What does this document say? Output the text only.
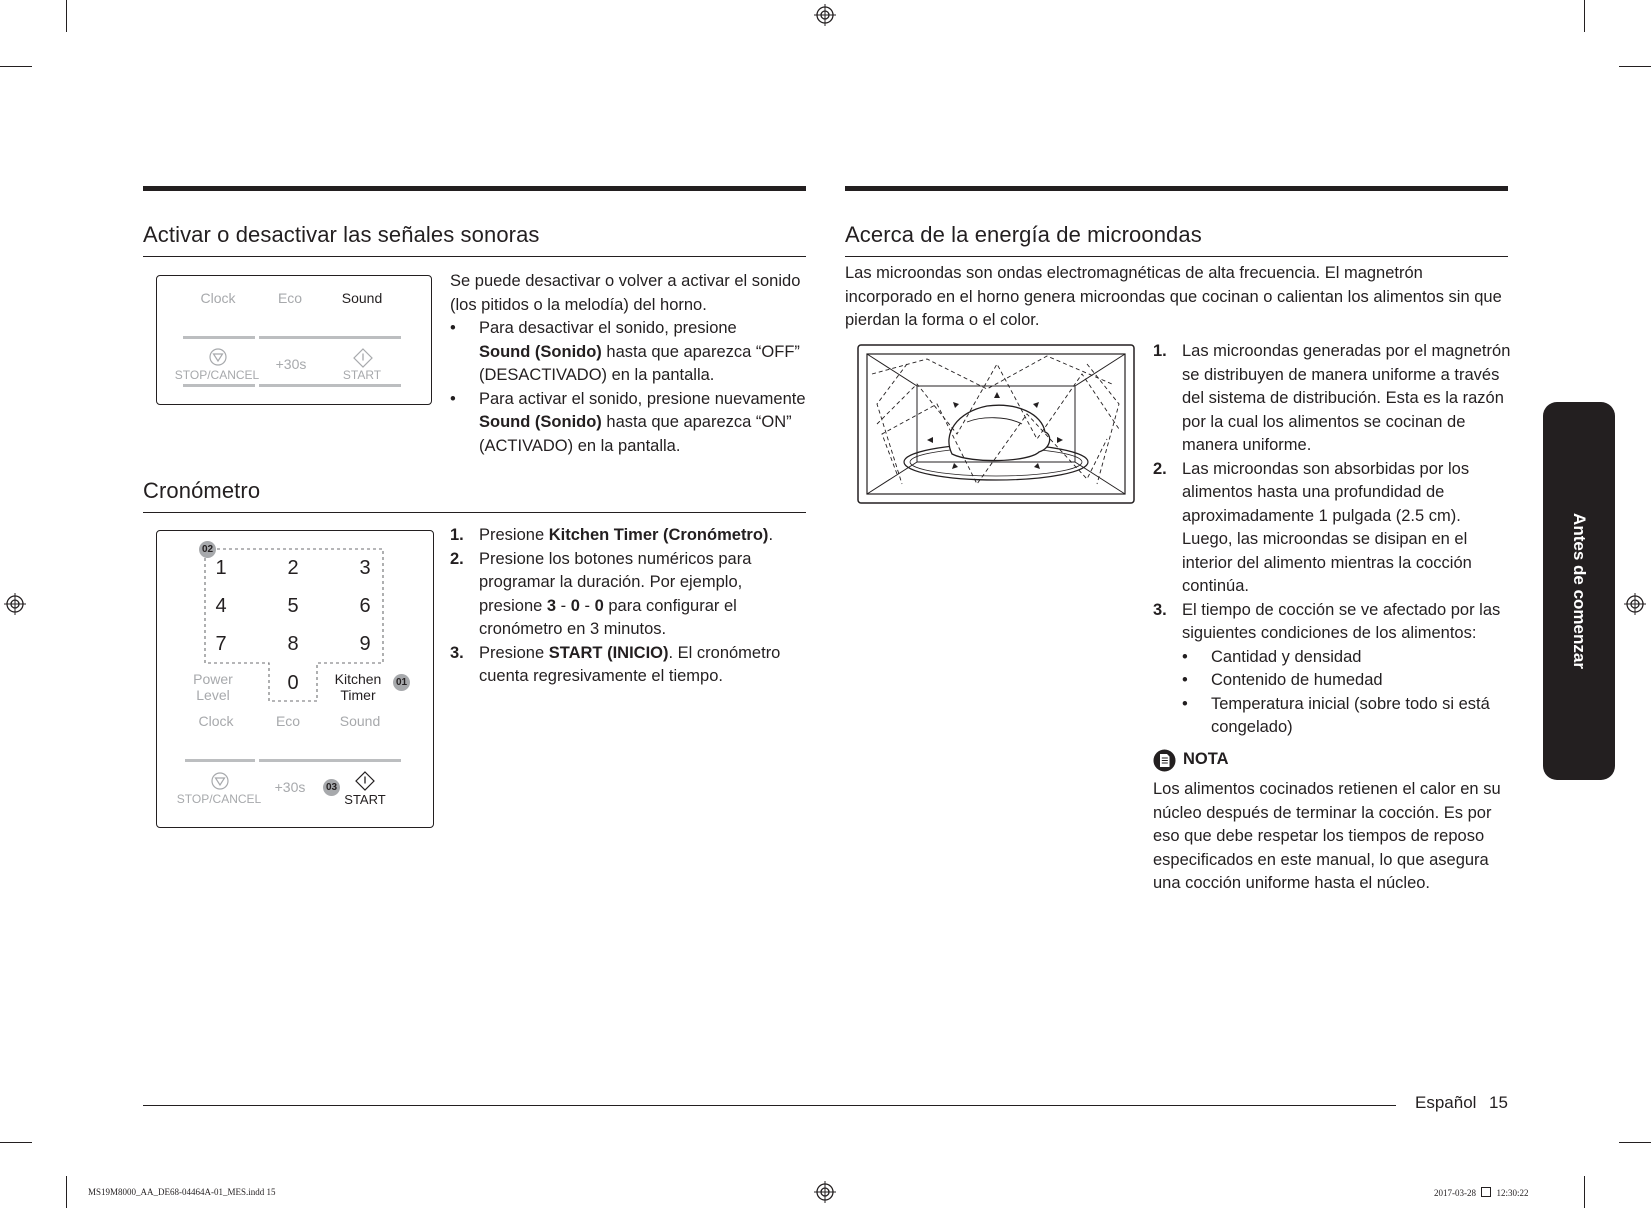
Activar o desactivar las señales sonoras
Clock	Eco	Sound
STOP/CANCEL
+30s
START

Se puede desactivar o volver a activar el sonido (los pitidos o la melodía) del horno.

• Para desactivar el sonido, presione
Sound (Sonido) hasta que aparezca “OFF” (DESACTIVADO) en la pantalla.
• Para activar el sonido, presione nuevamente Sound (Sonido) hasta que aparezca “ON” (ACTIVADO) en la pantalla.
Cronómetro
02
1	2	3
4	5	6
7	8	9
0
Power
Level
Kitchen
Timer
01
Clock	Eco	Sound
STOP/CANCEL
+30s	03
START
1. Presione Kitchen Timer (Cronómetro).
2. Presione los botones numéricos para programar la duración. Por ejemplo, presione 3 - 0 - 0 para configurar el cronómetro en 3 minutos.
3. Presione START (INICIO). El cronómetro cuenta regresivamente el tiempo.
Acerca de la energía de microondas
Las microondas son ondas electromagnéticas de alta frecuencia. El magnetrón incorporado en el horno genera microondas que cocinan o calientan los alimentos sin que pierdan la forma o el color.
1. Las microondas generadas por el magnetrón se distribuyen de manera uniforme a través del sistema de distribución. Esta es la razón por la cual los alimentos se cocinan de manera uniforme.
2. Las microondas son absorbidas por los alimentos hasta una profundidad de aproximadamente 1 pulgada (2.5 cm). Luego, las microondas se disipan en el interior del alimento mientras la cocción continúa.
3. El tiempo de cocción se ve afectado por las siguientes condiciones de los alimentos:
• Cantidad y densidad
• Contenido de humedad
• Temperatura inicial (sobre todo si está congelado)
NOTA
Los alimentos cocinados retienen el calor en su núcleo después de terminar la cocción. Es por eso que debe respetar los tiempos de reposo especificados en este manual, lo que asegura una cocción uniforme hasta el núcleo.
Antes de comenzar
Español 15
MS19M8000_AA_DE68-04464A-01_MES.indd 15	2017-03-28 12:30:22
